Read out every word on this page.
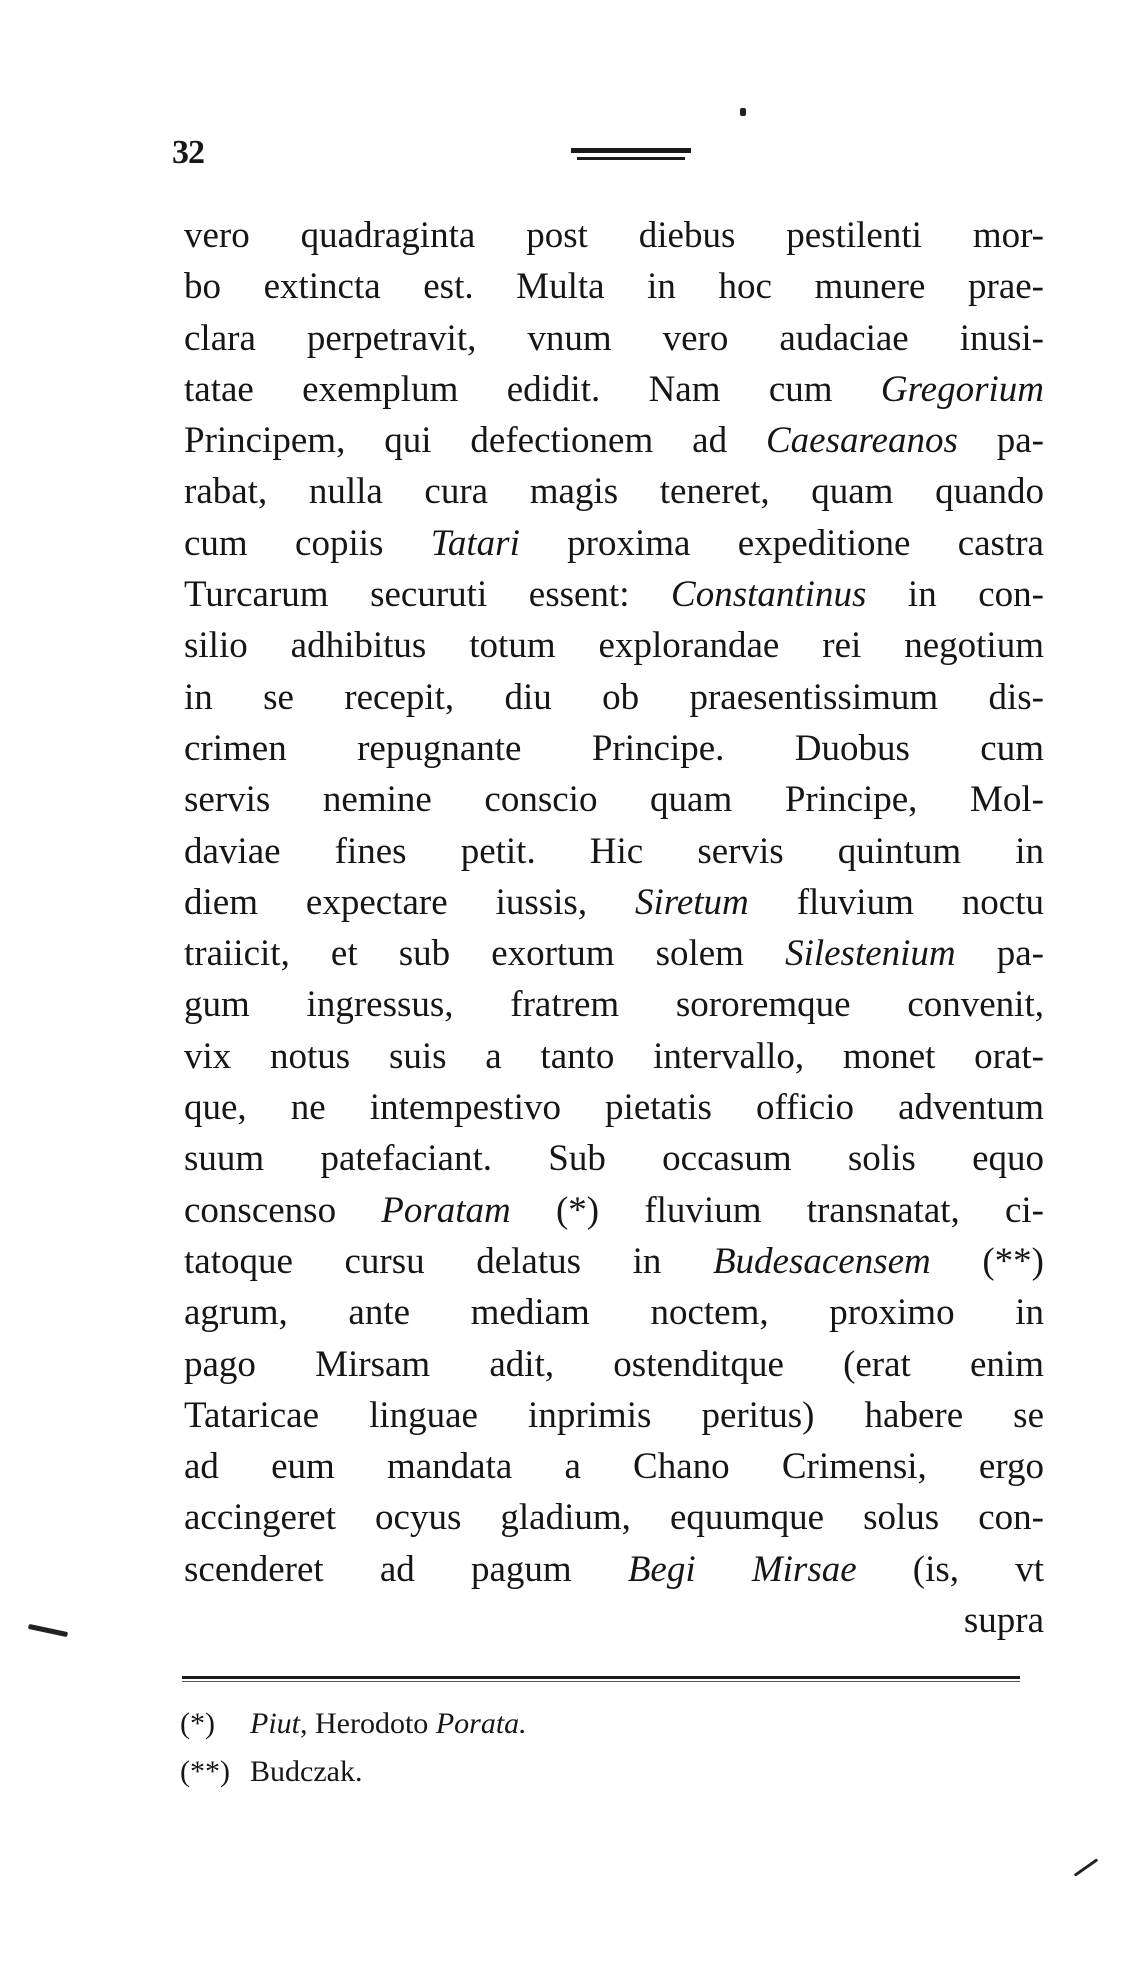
32
vero quadraginta post diebus pestilenti mor-
bo extincta est. Multa in hoc munere prae-
clara perpetravit, vnum vero audaciae inusi-
tatae exemplum edidit. Nam cum Gregorium
Principem, qui defectionem ad Caesareanos pa-
rabat, nulla cura magis teneret, quam quando
cum copiis Tatari proxima expeditione castra
Turcarum securuti essent: Constantinus in con-
silio adhibitus totum explorandae rei negotium
in se recepit, diu ob praesentissimum dis-
crimen repugnante Principe. Duobus cum
servis nemine conscio quam Principe, Mol-
daviae fines petit. Hic servis quintum in
diem expectare iussis, Siretum fluvium noctu
traiicit, et sub exortum solem Silestenium pa-
gum ingressus, fratrem sororemque convenit,
vix notus suis a tanto intervallo, monet orat-
que, ne intempestivo pietatis officio adventum
suum patefaciant. Sub occasum solis equo
conscenso Poratam (*) fluvium transnatat, ci-
tatoque cursu delatus in Budesacensem (**)
agrum, ante mediam noctem, proximo in
pago Mirsam adit, ostenditque (erat enim
Tataricae linguae inprimis peritus) habere se
ad eum mandata a Chano Crimensi, ergo
accingeret ocyus gladium, equumque solus con-
scenderet ad pagum Begi Mirsae (is, vt
supra
(*) Piut, Herodoto Porata.
(**) Budczak.
